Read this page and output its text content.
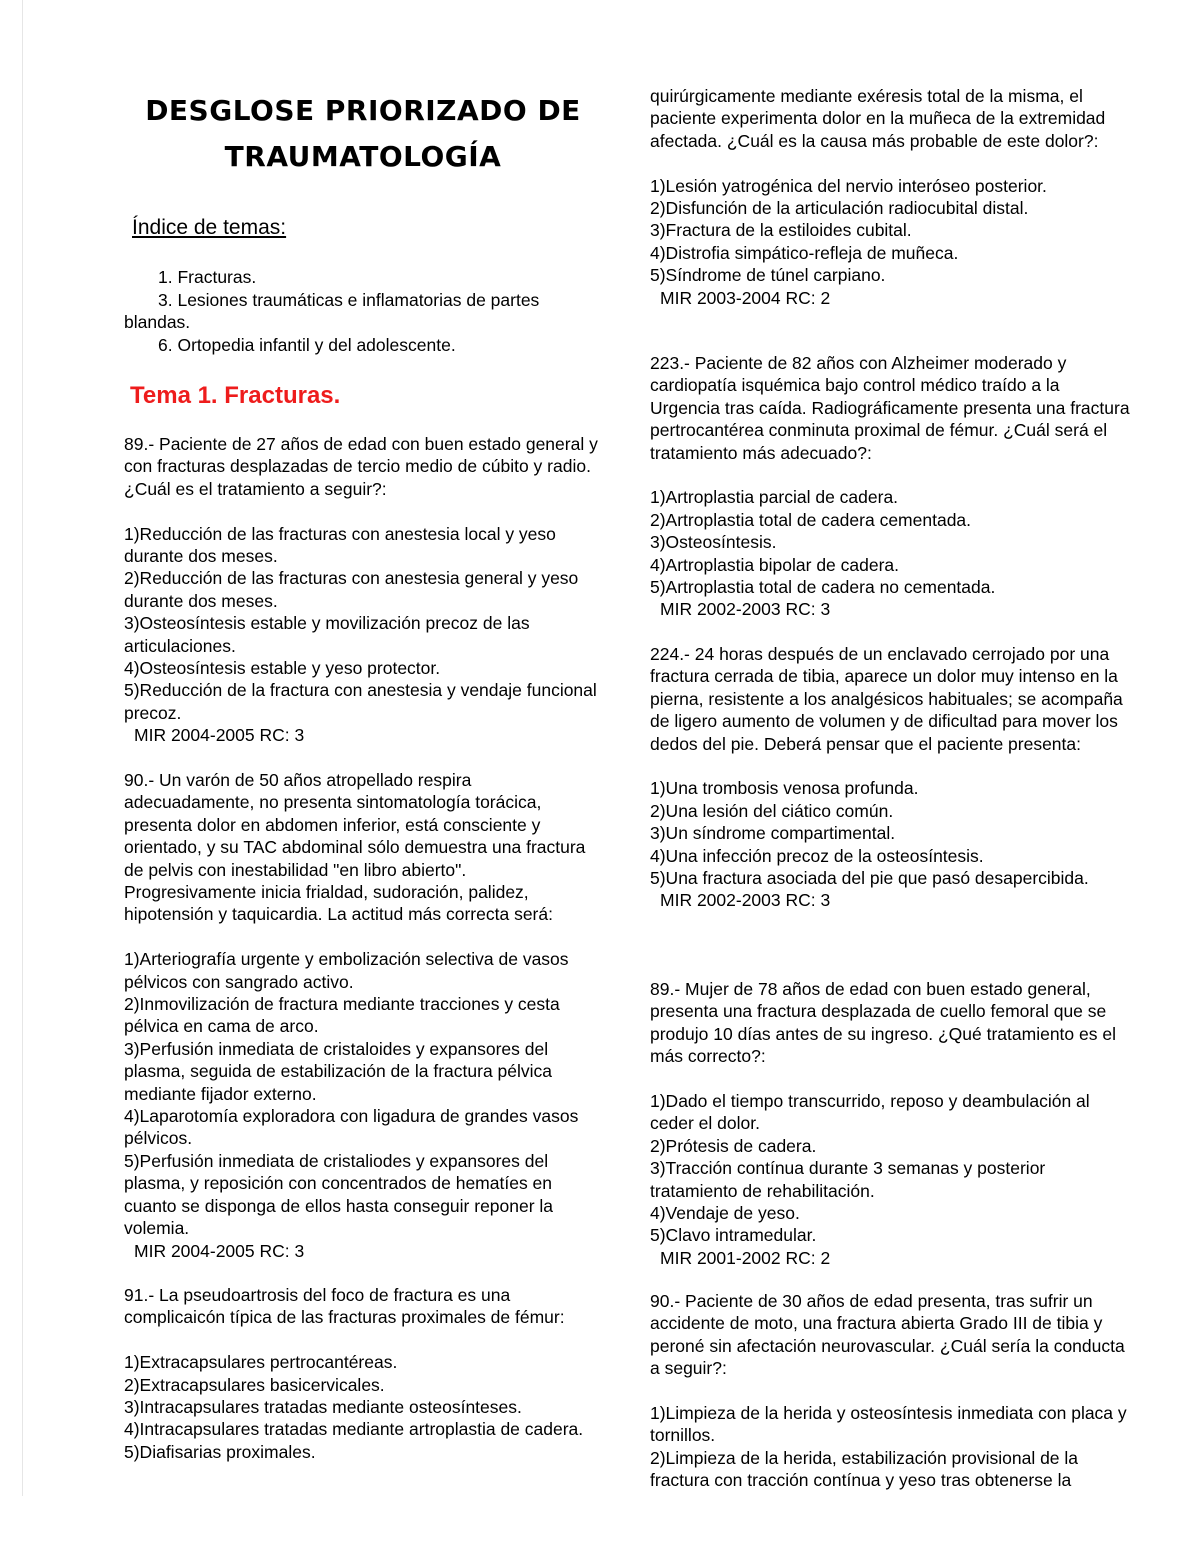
DESGLOSE PRIORIZADO DE
TRAUMATOLOGÍA
Índice de temas:
1. Fracturas.
3. Lesiones traumáticas e inflamatorias de partes blandas.
6. Ortopedia infantil y del adolescente.
Tema 1. Fracturas.

89.- Paciente de 27 años de edad con buen estado general y con fracturas desplazadas de tercio medio de cúbito y radio. ¿Cuál es el tratamiento a seguir?:

1)Reducción de las fracturas con anestesia local y yeso durante dos meses.

2)Reducción de las fracturas con anestesia general y yeso durante dos meses.

3)Osteosíntesis estable y movilización precoz de las articulaciones.

4)Osteosíntesis estable y yeso protector.

5)Reducción de la fractura con anestesia y vendaje funcional precoz.

MIR 2004-2005 RC: 3

90.- Un varón de 50 años atropellado respira adecuadamente, no presenta sintomatología torácica, presenta dolor en abdomen inferior, está consciente y orientado, y su TAC abdominal sólo demuestra una fractura de pelvis con inestabilidad "en libro abierto". Progresivamente inicia frialdad, sudoración, palidez, hipotensión y taquicardia. La actitud más correcta será:

1)Arteriografía urgente y embolización selectiva de vasos pélvicos con sangrado activo.

2)Inmovilización de fractura mediante tracciones y cesta pélvica en cama de arco.

3)Perfusión inmediata de cristaloides y expansores del plasma, seguida de estabilización de la fractura pélvica mediante fijador externo.

4)Laparotomía exploradora con ligadura de grandes vasos pélvicos.

5)Perfusión inmediata de cristaliodes y expansores del plasma, y reposición con concentrados de hematíes en cuanto se disponga de ellos hasta conseguir reponer la volemia.

MIR 2004-2005 RC: 3

91.- La pseudoartrosis del foco de fractura es una complicaicón típica de las fracturas proximales de fémur:

1)Extracapsulares pertrocantéreas.

2)Extracapsulares basicervicales.

3)Intracapsulares tratadas mediante osteosínteses.

4)Intracapsulares tratadas mediante artroplastia de cadera.

5)Diafisarias proximales.

quirúrgicamente mediante exéresis total de la misma, el paciente experimenta dolor en la muñeca de la extremidad afectada. ¿Cuál es la causa más probable de este dolor?:

1)Lesión yatrogénica del nervio interóseo posterior.

2)Disfunción de la articulación radiocubital distal.

3)Fractura de la estiloides cubital.

4)Distrofia simpático-refleja de muñeca.

5)Síndrome de túnel carpiano.

MIR 2003-2004 RC: 2

223.- Paciente de 82 años con Alzheimer moderado y cardiopatía isquémica bajo control médico traído a la Urgencia tras caída. Radiográficamente presenta una fractura pertrocantérea conminuta proximal de fémur. ¿Cuál será el tratamiento más adecuado?:

1)Artroplastia parcial de cadera.

2)Artroplastia total de cadera cementada.

3)Osteosíntesis.

4)Artroplastia bipolar de cadera.

5)Artroplastia total de cadera no cementada.

MIR 2002-2003 RC: 3

224.- 24 horas después de un enclavado cerrojado por una fractura cerrada de tibia, aparece un dolor muy intenso en la pierna, resistente a los analgésicos habituales; se acompaña de ligero aumento de volumen y de dificultad para mover los dedos del pie. Deberá pensar que el paciente presenta:

1)Una trombosis venosa profunda.

2)Una lesión del ciático común.

3)Un síndrome compartimental.

4)Una infección precoz de la osteosíntesis.

5)Una fractura asociada del pie que pasó desapercibida.

MIR 2002-2003 RC: 3

89.- Mujer de 78 años de edad con buen estado general, presenta una fractura desplazada de cuello femoral que se produjo 10 días antes de su ingreso. ¿Qué tratamiento es el más correcto?:

1)Dado el tiempo transcurrido, reposo y deambulación al ceder el dolor.

2)Prótesis de cadera.

3)Tracción contínua durante 3 semanas y posterior tratamiento de rehabilitación.

4)Vendaje de yeso.

5)Clavo intramedular.

MIR 2001-2002 RC: 2

90.- Paciente de 30 años de edad presenta, tras sufrir un accidente de moto, una fractura abierta Grado III de tibia y peroné sin afectación neurovascular. ¿Cuál sería la conducta a seguir?:

1)Limpieza de la herida y osteosíntesis inmediata con placa y tornillos.

2)Limpieza de la herida, estabilización provisional de la fractura con tracción contínua y yeso tras obtenerse la
